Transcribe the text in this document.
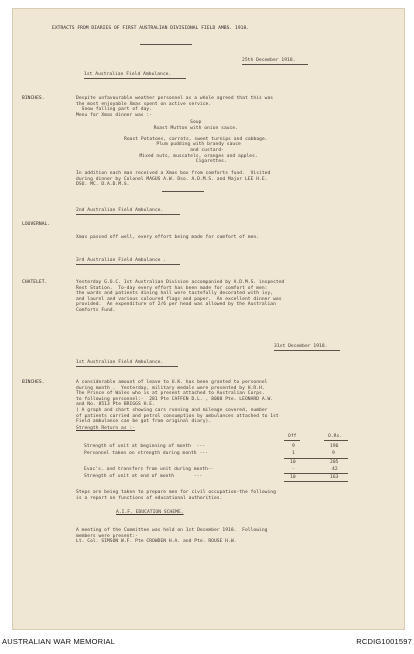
EXTRACTS FROM DIARIES OF FIRST AUSTRALIAN DIVISIONAL FIELD AMBS. 1918.
25th December 1918.
1st Australian Field Ambulance.
BINCHES.	Despite unfavourable weather personnel as a whole agreed that this was
the most enjoyable Xmas spent on active service.
Snow falling part of day.
Menu for Xmas dinner was :-
Soup
Roast Mutton with onion sauce.

Roast Potatoes, carrots, sweet turnips and cabbage.
Plum pudding with brandy sauce
and custard-
Mixed nuts, muscatels, oranges and apples.
Cigarettes.
In addition each man received a Xmas box from comforts fund.  Visited
during dinner by Colonel MAGUS A.W. Dso. A.D.M.S. and Major LEE H.E.
DSO. MC. D.A.D.M.S.
2nd Australian Field Ambulance.
LOUVERNAL.
Xmas passed off well, every effort being made for comfort of men.
3rd Australian Field Ambulance .
CHATELET.	Yesterday G.O.C. 1st Australian Division accompanied by A.D.M.S. inspected
Rest Station.  To-day every effort has been made for comfort of men:
the wards and patients dining hall were tastefully decorated with ivy,
and laurel and various coloured flags and paper.  An excellent dinner was
provided.  An expenditure of 2/6 per head was allowed by the Australian
Comforts Fund.
31st December 1918.
1st Australian Field Ambulance.
BINCHES.	A considerable amount of leave to U.K. has been granted to personnel
during month .  Yesterday, military medals were presented by H.R.H.
The Prince of Wales who is at present attached to Australian Corps.
to following personnel:-  281 Pte CAFFEN D.L. , 8008 Pte. LEONARD A.W.
and No. 8513 Pte BRIGGS H.E.
( A graph and chart showing cars running and mileage covered, number
of patients carried and petrol consumption by ambulances attached to 1st
Field ambulance can be got from original diary).
Strength Return as :-
Off	O.Rs.
Strength of unit at beginning of month  ---	9	196
Personnel taken on strength during month ---	1	9
10	205
Evac's. and transfers from unit during month--	-	42
Strength of unit at end of month       ---	10	163
Steps are being taken to prepare men for civil occupation-the following
is a report on functions of educational authorities.
A.I.F. EDUCATION SCHEME.
A meeting of the Committee was held on 1st December 1918.  Following
members were present:-
Lt. Col. SIMSON W.F. Pte CROWDEN H.A. and Pte. ROUSE H.W.
AUSTRALIAN WAR MEMORIAL	RCDIG1001597
